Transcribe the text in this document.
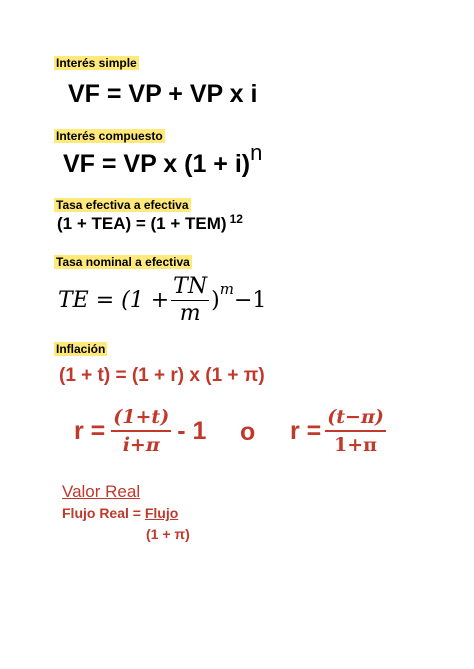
Interés simple
VF = VP + VP x i
Interés compuesto
VF = VP x (1 + i)n
Tasa efectiva a efectiva
(1 + TEA) = (1 + TEM) $^{12}$
Tasa nominal a efectiva
TE = ($1 + \frac{TN}{m}$ ) m −1
Inflación
(1 + t) = (1 + r) x (1 + π)
$r = \frac{(1+t)}{i+\pi} - 1$ o $r = \frac{(t-\pi)}{1+\pi}$
Valor Real
Flujo Real = Flujo
(1 + π)
